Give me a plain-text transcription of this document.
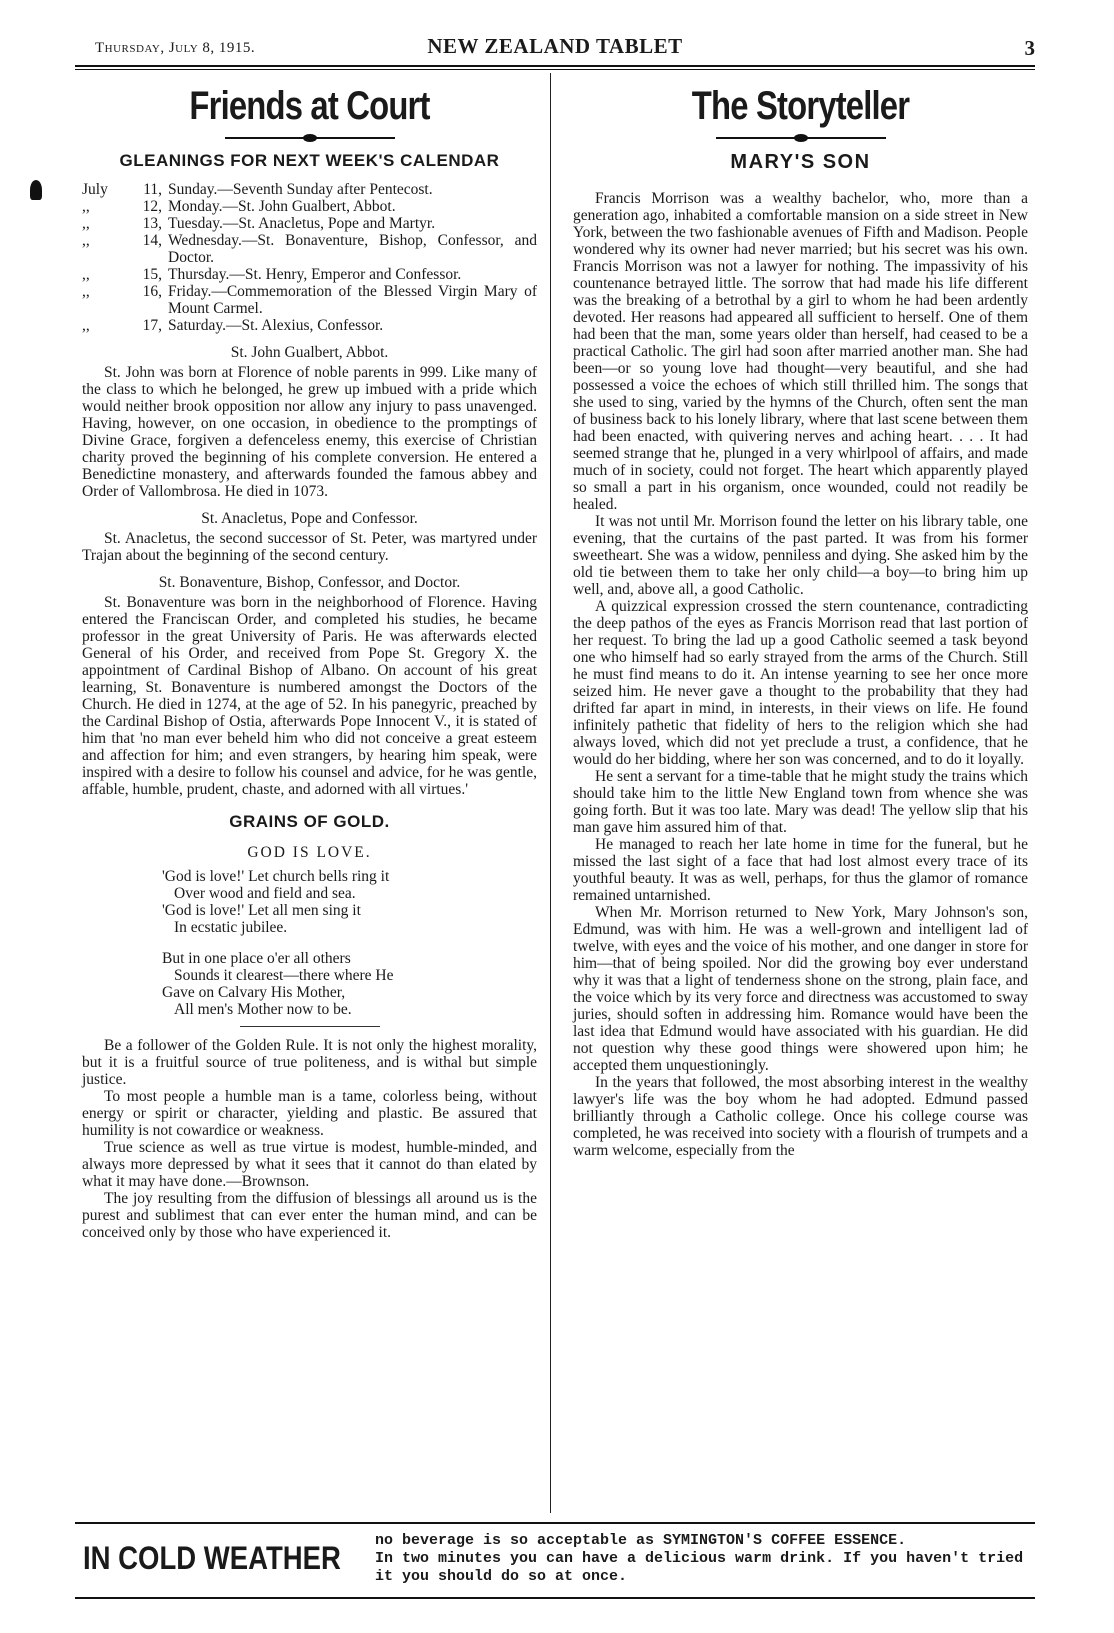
Thursday, July 8, 1915.	NEW ZEALAND TABLET	3
Friends at Court
GLEANINGS FOR NEXT WEEK'S CALENDAR
July	11, Sunday.—Seventh Sunday after Pentecost.
,,	12, Monday.—St. John Gualbert, Abbot.
,,	13, Tuesday.—St. Anacletus, Pope and Martyr.
,,	14, Wednesday.—St. Bonaventure, Bishop, Confessor, and Doctor.
,,	15, Thursday.—St. Henry, Emperor and Confessor.
,,	16, Friday.—Commemoration of the Blessed Virgin Mary of Mount Carmel.
,,	17, Saturday.—St. Alexius, Confessor.
St. John Gualbert, Abbot.

St. John was born at Florence of noble parents in 999. Like many of the class to which he belonged, he grew up imbued with a pride which would neither brook opposition nor allow any injury to pass unavenged. Having, however, on one occasion, in obedience to the promptings of Divine Grace, forgiven a defenceless enemy, this exercise of Christian charity proved the beginning of his complete conversion. He entered a Benedictine monastery, and afterwards founded the famous abbey and Order of Vallombrosa. He died in 1073.

St. Anacletus, Pope and Confessor.

St. Anacletus, the second successor of St. Peter, was martyred under Trajan about the beginning of the second century.

St. Bonaventure, Bishop, Confessor, and Doctor.

St. Bonaventure was born in the neighborhood of Florence. Having entered the Franciscan Order, and completed his studies, he became professor in the great University of Paris. He was afterwards elected General of his Order, and received from Pope St. Gregory X. the appointment of Cardinal Bishop of Albano. On account of his great learning, St. Bonaventure is numbered amongst the Doctors of the Church. He died in 1274, at the age of 52. In his panegyric, preached by the Cardinal Bishop of Ostia, afterwards Pope Innocent V., it is stated of him that 'no man ever beheld him who did not conceive a great esteem and affection for him; and even strangers, by hearing him speak, were inspired with a desire to follow his counsel and advice, for he was gentle, affable, humble, prudent, chaste, and adorned with all virtues.'

GRAINS OF GOLD.
GOD IS LOVE.
'God is love!' Let church bells ring it
Over wood and field and sea.
'God is love!' Let all men sing it
In ecstatic jubilee.
But in one place o'er all others
Sounds it clearest—there where He
Gave on Calvary His Mother,
All men's Mother now to be.

Be a follower of the Golden Rule. It is not only the highest morality, but it is a fruitful source of true politeness, and is withal but simple justice.

To most people a humble man is a tame, colorless being, without energy or spirit or character, yielding and plastic. Be assured that humility is not cowardice or weakness.

True science as well as true virtue is modest, humble-minded, and always more depressed by what it sees that it cannot do than elated by what it may have done.—Brownson.

The joy resulting from the diffusion of blessings all around us is the purest and sublimest that can ever enter the human mind, and can be conceived only by those who have experienced it.

The Storyteller
MARY'S SON

Francis Morrison was a wealthy bachelor, who, more than a generation ago, inhabited a comfortable mansion on a side street in New York, between the two fashionable avenues of Fifth and Madison. People wondered why its owner had never married; but his secret was his own. Francis Morrison was not a lawyer for nothing. The impassivity of his countenance betrayed little. The sorrow that had made his life different was the breaking of a betrothal by a girl to whom he had been ardently devoted. Her reasons had appeared all sufficient to herself. One of them had been that the man, some years older than herself, had ceased to be a practical Catholic. The girl had soon after married another man. She had been—or so young love had thought—very beautiful, and she had possessed a voice the echoes of which still thrilled him. The songs that she used to sing, varied by the hymns of the Church, often sent the man of business back to his lonely library, where that last scene between them had been enacted, with quivering nerves and aching heart. . . . It had seemed strange that he, plunged in a very whirlpool of affairs, and made much of in society, could not forget. The heart which apparently played so small a part in his organism, once wounded, could not readily be healed.

It was not until Mr. Morrison found the letter on his library table, one evening, that the curtains of the past parted. It was from his former sweetheart. She was a widow, penniless and dying. She asked him by the old tie between them to take her only child—a boy—to bring him up well, and, above all, a good Catholic.

A quizzical expression crossed the stern countenance, contradicting the deep pathos of the eyes as Francis Morrison read that last portion of her request. To bring the lad up a good Catholic seemed a task beyond one who himself had so early strayed from the arms of the Church. Still he must find means to do it. An intense yearning to see her once more seized him. He never gave a thought to the probability that they had drifted far apart in mind, in interests, in their views on life. He found infinitely pathetic that fidelity of hers to the religion which she had always loved, which did not yet preclude a trust, a confidence, that he would do her bidding, where her son was concerned, and to do it loyally.

He sent a servant for a time-table that he might study the trains which should take him to the little New England town from whence she was going forth. But it was too late. Mary was dead! The yellow slip that his man gave him assured him of that.

He managed to reach her late home in time for the funeral, but he missed the last sight of a face that had lost almost every trace of its youthful beauty. It was as well, perhaps, for thus the glamor of romance remained untarnished.

When Mr. Morrison returned to New York, Mary Johnson's son, Edmund, was with him. He was a well-grown and intelligent lad of twelve, with eyes and the voice of his mother, and one danger in store for him—that of being spoiled. Nor did the growing boy ever understand why it was that a light of tenderness shone on the strong, plain face, and the voice which by its very force and directness was accustomed to sway juries, should soften in addressing him. Romance would have been the last idea that Edmund would have associated with his guardian. He did not question why these good things were showered upon him; he accepted them unquestioningly.

In the years that followed, the most absorbing interest in the wealthy lawyer's life was the boy whom he had adopted. Edmund passed brilliantly through a Catholic college. Once his college course was completed, he was received into society with a flourish of trumpets and a warm welcome, especially from the

IN COLD WEATHER no beverage is so acceptable as SYMINGTON'S COFFEE ESSENCE.
In two minutes you can have a delicious warm drink. If you haven't tried
it you should do so at once.
